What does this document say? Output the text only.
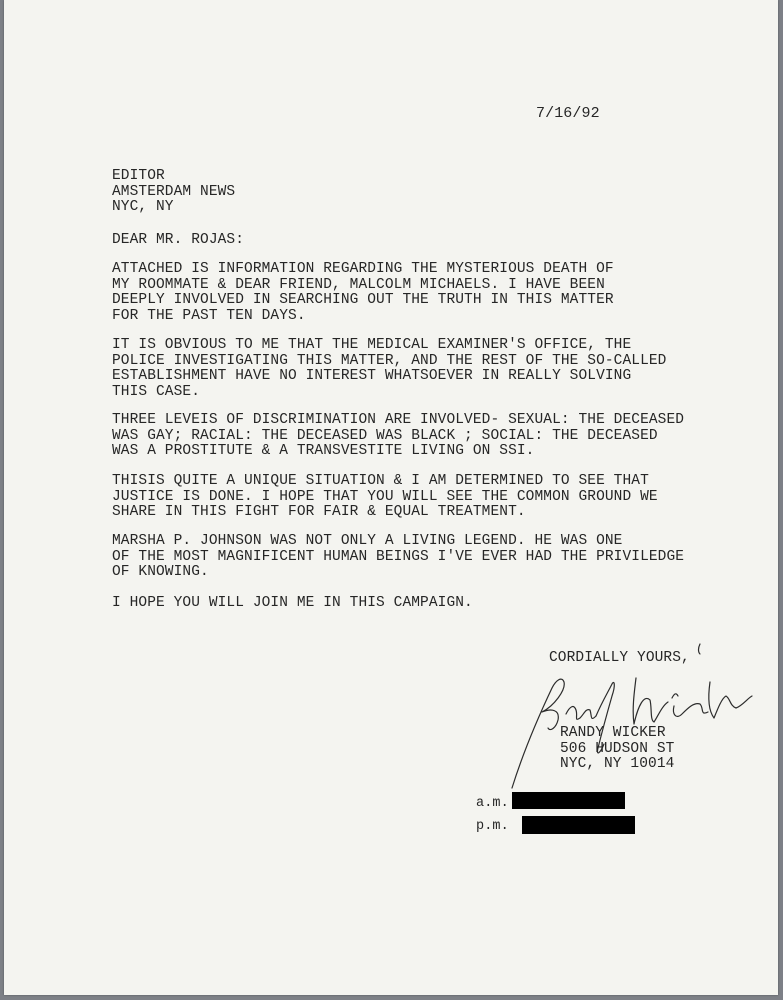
7/16/92
EDITOR
AMSTERDAM NEWS
NYC, NY
DEAR MR. ROJAS:
ATTACHED IS INFORMATION REGARDING THE MYSTERIOUS DEATH OF
MY ROOMMATE & DEAR FRIEND, MALCOLM MICHAELS. I HAVE BEEN
DEEPLY INVOLVED IN SEARCHING OUT THE TRUTH IN THIS MATTER
FOR THE PAST TEN DAYS.
IT IS OBVIOUS TO ME THAT THE MEDICAL EXAMINER'S OFFICE, THE
POLICE INVESTIGATING THIS MATTER, AND THE REST OF THE SO-CALLED
ESTABLISHMENT HAVE NO INTEREST WHATSOEVER IN REALLY SOLVING
THIS CASE.
THREE LEVEIS OF DISCRIMINATION ARE INVOLVED- SEXUAL: THE DECEASED
WAS GAY; RACIAL: THE DECEASED WAS BLACK ; SOCIAL: THE DECEASED
WAS A PROSTITUTE & A TRANSVESTITE LIVING ON SSI.
THISIS QUITE A UNIQUE SITUATION & I AM DETERMINED TO SEE THAT
JUSTICE IS DONE. I HOPE THAT YOU WILL SEE THE COMMON GROUND WE
SHARE IN THIS FIGHT FOR FAIR & EQUAL TREATMENT.
MARSHA P. JOHNSON WAS NOT ONLY A LIVING LEGEND. HE WAS ONE
OF THE MOST MAGNIFICENT HUMAN BEINGS I'VE EVER HAD THE PRIVILEDGE
OF KNOWING.
I HOPE YOU WILL JOIN ME IN THIS CAMPAIGN.
CORDIALLY YOURS,
RANDY WICKER
506 HUDSON ST
NYC, NY 10014
a.m.
p.m.
